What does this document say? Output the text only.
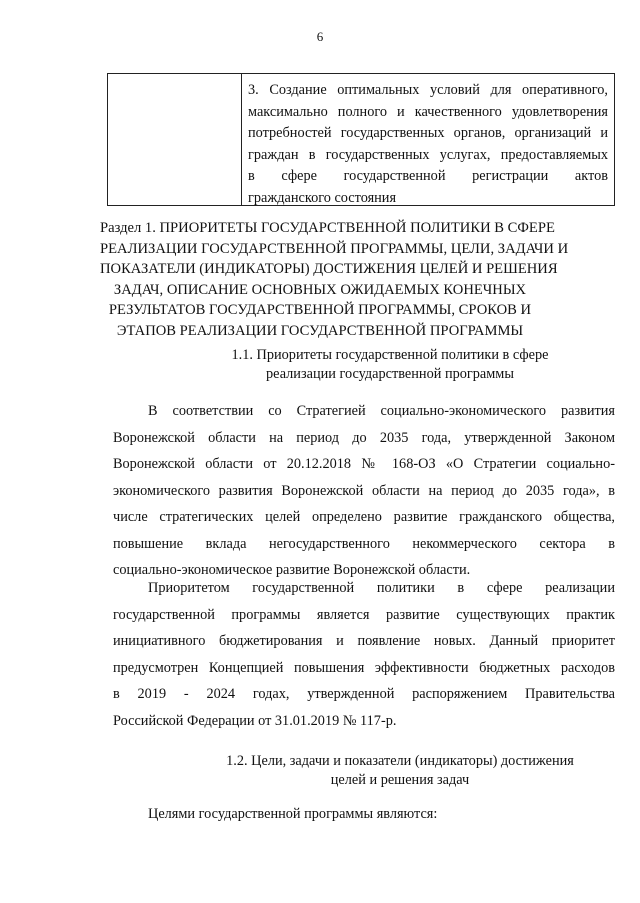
6
3. Создание оптимальных условий для оперативного,
максимально полного и качественного удовлетворения
потребностей государственных органов, организаций и
граждан в государственных услугах, предоставляемых
в сфере государственной регистрации актов
гражданского состояния
Раздел 1. ПРИОРИТЕТЫ ГОСУДАРСТВЕННОЙ ПОЛИТИКИ В СФЕРЕ
РЕАЛИЗАЦИИ ГОСУДАРСТВЕННОЙ ПРОГРАММЫ, ЦЕЛИ, ЗАДАЧИ И
ПОКАЗАТЕЛИ (ИНДИКАТОРЫ) ДОСТИЖЕНИЯ ЦЕЛЕЙ И РЕШЕНИЯ
ЗАДАЧ, ОПИСАНИЕ ОСНОВНЫХ ОЖИДАЕМЫХ КОНЕЧНЫХ
РЕЗУЛЬТАТОВ ГОСУДАРСТВЕННОЙ ПРОГРАММЫ, СРОКОВ И
ЭТАПОВ РЕАЛИЗАЦИИ ГОСУДАРСТВЕННОЙ ПРОГРАММЫ
1.1. Приоритеты государственной политики в сфере
реализации государственной программы
В соответствии со Стратегией социально-экономического развития
Воронежской области на период до 2035 года, утвержденной Законом
Воронежской области от 20.12.2018 № 168-ОЗ «О Стратегии социально-
экономического развития Воронежской области на период до 2035 года», в
числе стратегических целей определено развитие гражданского общества,
повышение вклада негосударственного некоммерческого сектора в
социально-экономическое развитие Воронежской области.
Приоритетом государственной политики в сфере реализации
государственной программы является развитие существующих практик
инициативного бюджетирования и появление новых. Данный приоритет
предусмотрен Концепцией повышения эффективности бюджетных расходов
в 2019 - 2024 годах, утвержденной распоряжением Правительства
Российской Федерации от 31.01.2019 № 117-р.
1.2. Цели, задачи и показатели (индикаторы) достижения
целей и решения задач
Целями государственной программы являются:
